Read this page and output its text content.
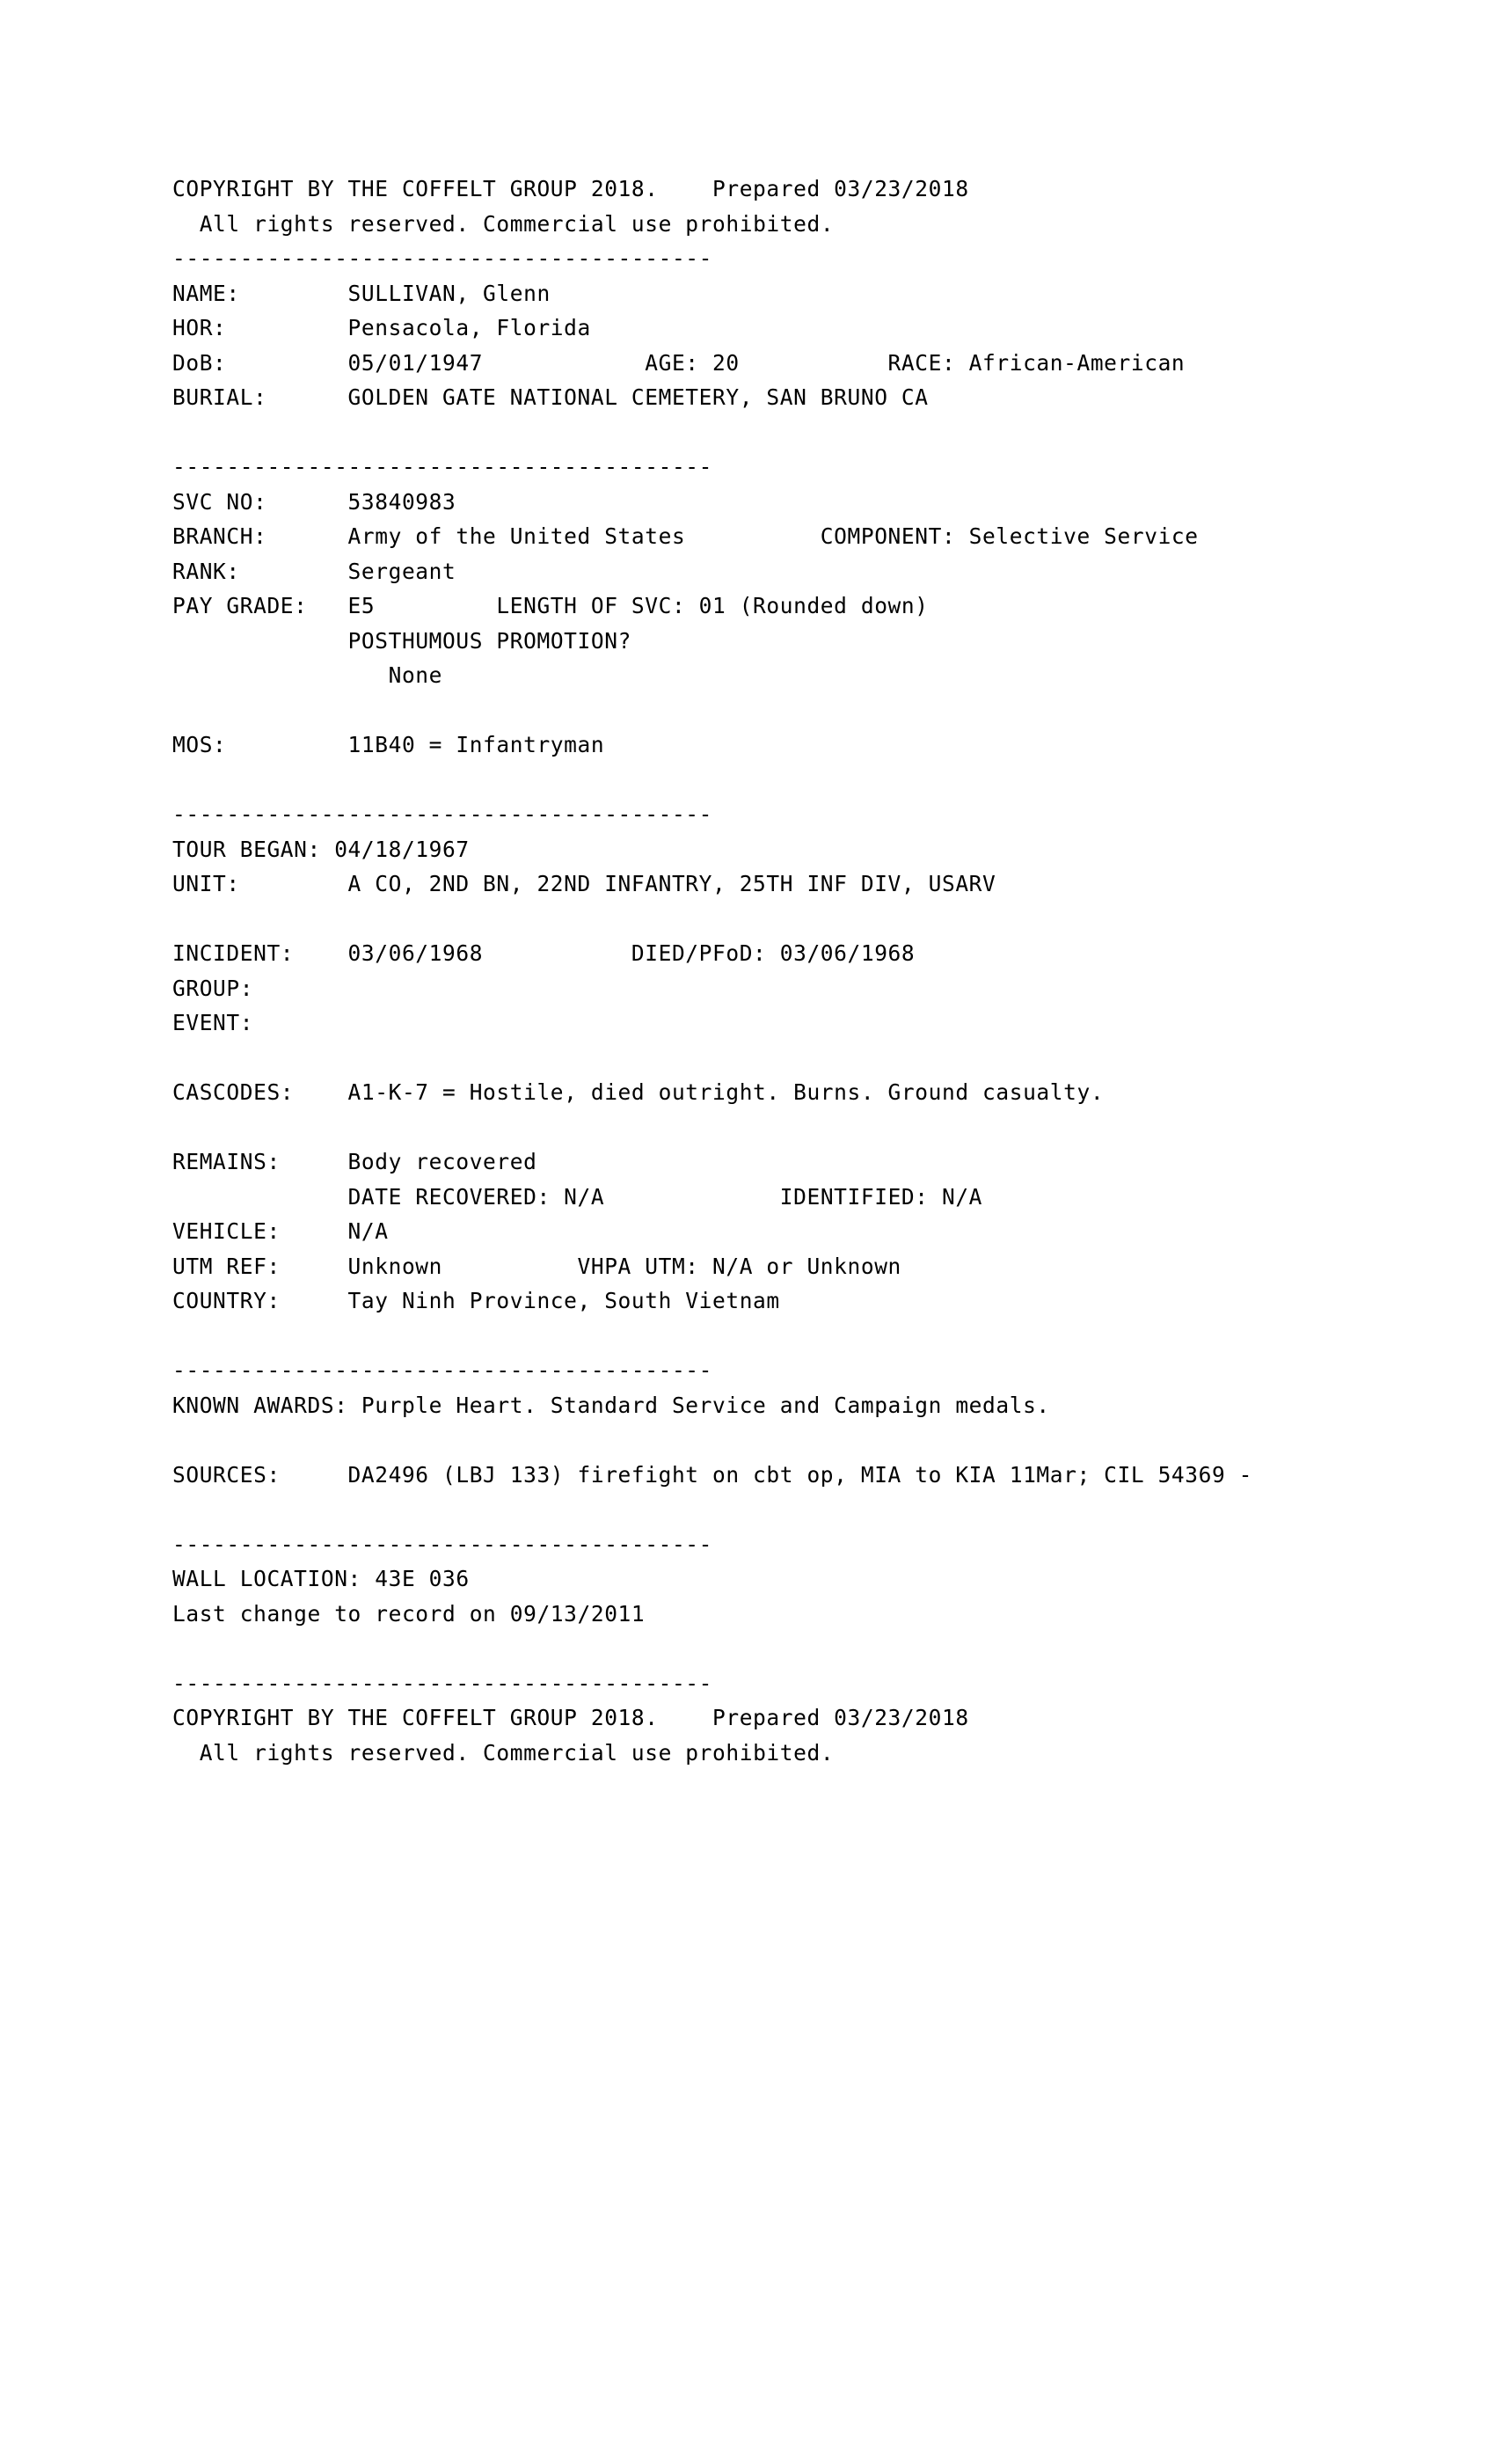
COPYRIGHT BY THE COFFELT GROUP 2018.    Prepared 03/23/2018
All rights reserved. Commercial use prohibited.
----------------------------------------
NAME:        SULLIVAN, Glenn
HOR:         Pensacola, Florida
DoB:         05/01/1947            AGE: 20           RACE: African-American
BURIAL:      GOLDEN GATE NATIONAL CEMETERY, SAN BRUNO CA
----------------------------------------
SVC NO:      53840983
BRANCH:      Army of the United States          COMPONENT: Selective Service
RANK:        Sergeant
PAY GRADE:   E5         LENGTH OF SVC: 01 (Rounded down)
POSTHUMOUS PROMOTION?
None
MOS:         11B40 = Infantryman
----------------------------------------
TOUR BEGAN: 04/18/1967
UNIT:        A CO, 2ND BN, 22ND INFANTRY, 25TH INF DIV, USARV
INCIDENT:    03/06/1968           DIED/PFoD: 03/06/1968
GROUP:
EVENT:
CASCODES:    A1-K-7 = Hostile, died outright. Burns. Ground casualty.
REMAINS:     Body recovered
DATE RECOVERED: N/A             IDENTIFIED: N/A
VEHICLE:     N/A
UTM REF:     Unknown          VHPA UTM: N/A or Unknown
COUNTRY:     Tay Ninh Province, South Vietnam
----------------------------------------
KNOWN AWARDS: Purple Heart. Standard Service and Campaign medals.
SOURCES:     DA2496 (LBJ 133) firefight on cbt op, MIA to KIA 11Mar; CIL 54369 -
----------------------------------------
WALL LOCATION: 43E 036
Last change to record on 09/13/2011
----------------------------------------
COPYRIGHT BY THE COFFELT GROUP 2018.    Prepared 03/23/2018
All rights reserved. Commercial use prohibited.
